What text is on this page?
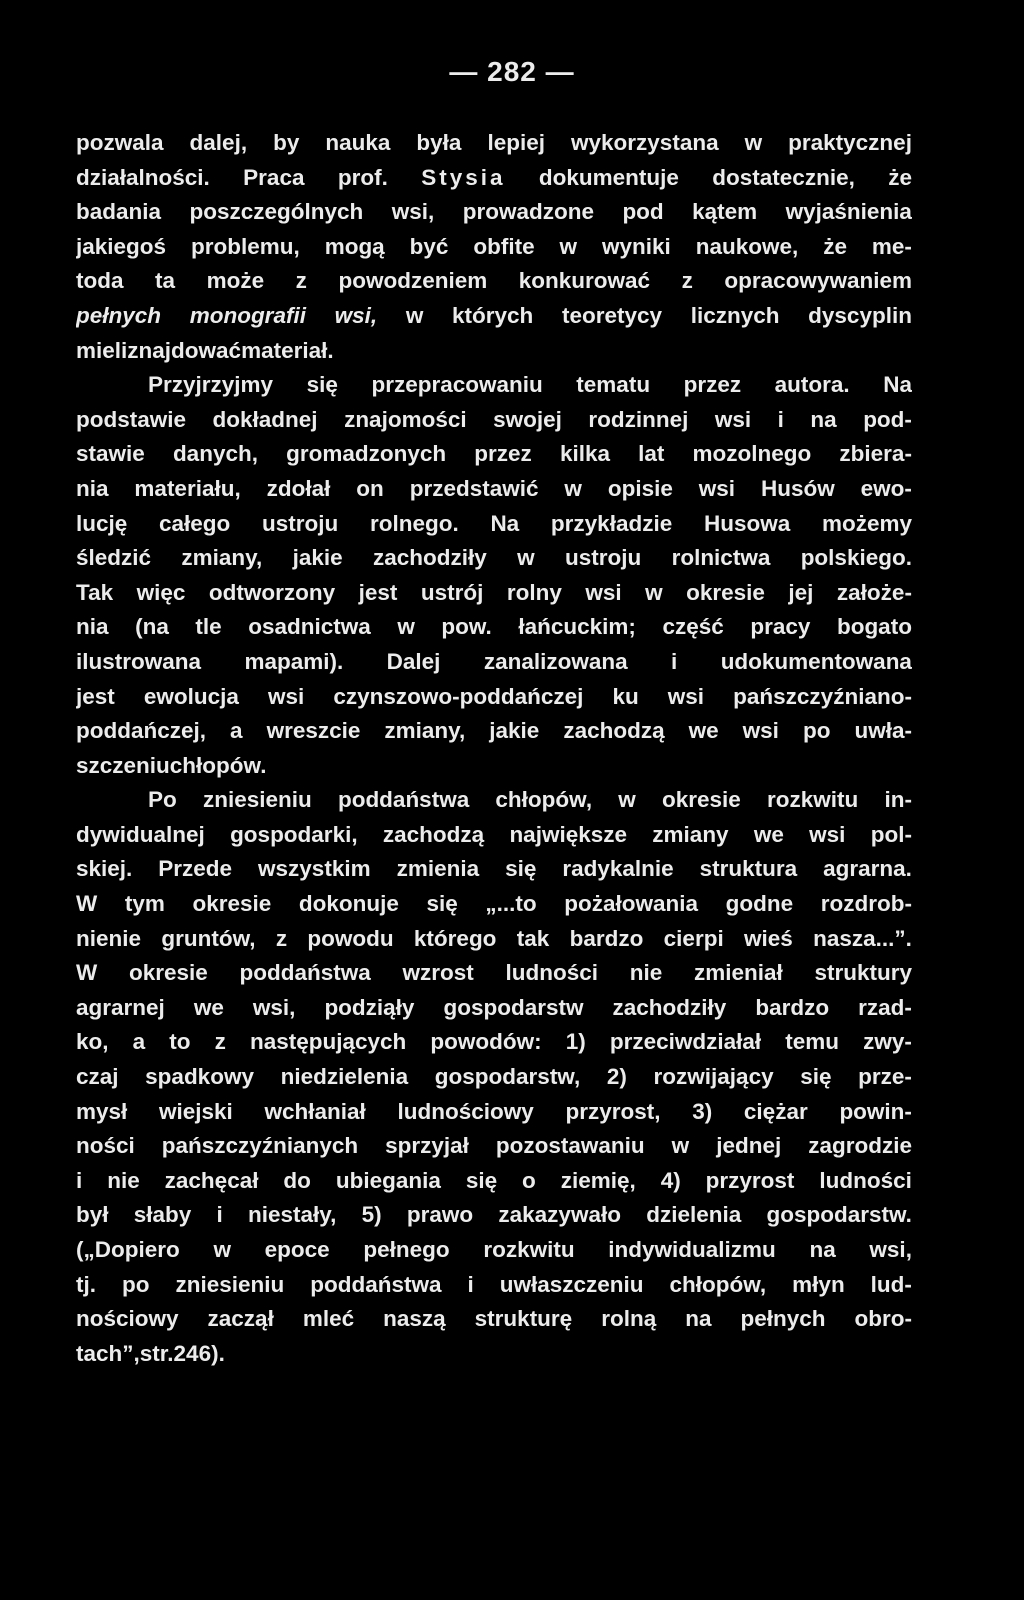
— 282 —
pozwala dalej, by nauka była lepiej wykorzystana w praktycznej
działalności. Praca prof. Stysia dokumentuje dostatecznie, że
badania poszczególnych wsi, prowadzone pod kątem wyjaśnienia
jakiegoś problemu, mogą być obfite w wyniki naukowe, że me-
toda ta może z powodzeniem konkurować z opracowywaniem
pełnych monografii wsi, w których teoretycy licznych dyscyplin
mieli znajdować materiał.
Przyjrzyjmy się przepracowaniu tematu przez autora. Na
podstawie dokładnej znajomości swojej rodzinnej wsi i na pod-
stawie danych, gromadzonych przez kilka lat mozolnego zbiera-
nia materiału, zdołał on przedstawić w opisie wsi Husów ewo-
lucję całego ustroju rolnego. Na przykładzie Husowa możemy
śledzić zmiany, jakie zachodziły w ustroju rolnictwa polskiego.
Tak więc odtworzony jest ustrój rolny wsi w okresie jej założe-
nia (na tle osadnictwa w pow. łańcuckim; część pracy bogato
ilustrowana mapami). Dalej zanalizowana i udokumentowana
jest ewolucja wsi czynszowo-poddańczej ku wsi pańszczyźniano-
poddańczej, a wreszcie zmiany, jakie zachodzą we wsi po uwła-
szczeniu chłopów.
Po zniesieniu poddaństwa chłopów, w okresie rozkwitu in-
dywidualnej gospodarki, zachodzą największe zmiany we wsi pol-
skiej. Przede wszystkim zmienia się radykalnie struktura agrarna.
W tym okresie dokonuje się „...to pożałowania godne rozdrob-
nienie gruntów, z powodu którego tak bardzo cierpi wieś nasza...”.
W okresie poddaństwa wzrost ludności nie zmieniał struktury
agrarnej we wsi, podziąły gospodarstw zachodziły bardzo rzad-
ko, a to z następujących powodów: 1) przeciwdziałał temu zwy-
czaj spadkowy niedzielenia gospodarstw, 2) rozwijający się prze-
mysł wiejski wchłaniał ludnościowy przyrost, 3) ciężar powin-
ności pańszczyźnianych sprzyjał pozostawaniu w jednej zagrodzie
i nie zachęcał do ubiegania się o ziemię, 4) przyrost ludności
był słaby i niestały, 5) prawo zakazywało dzielenia gospodarstw.
(„Dopiero w epoce pełnego rozkwitu indywidualizmu na wsi,
tj. po zniesieniu poddaństwa i uwłaszczeniu chłopów, młyn lud-
nościowy zaczął mleć naszą strukturę rolną na pełnych obro-
tach”, str. 246).
